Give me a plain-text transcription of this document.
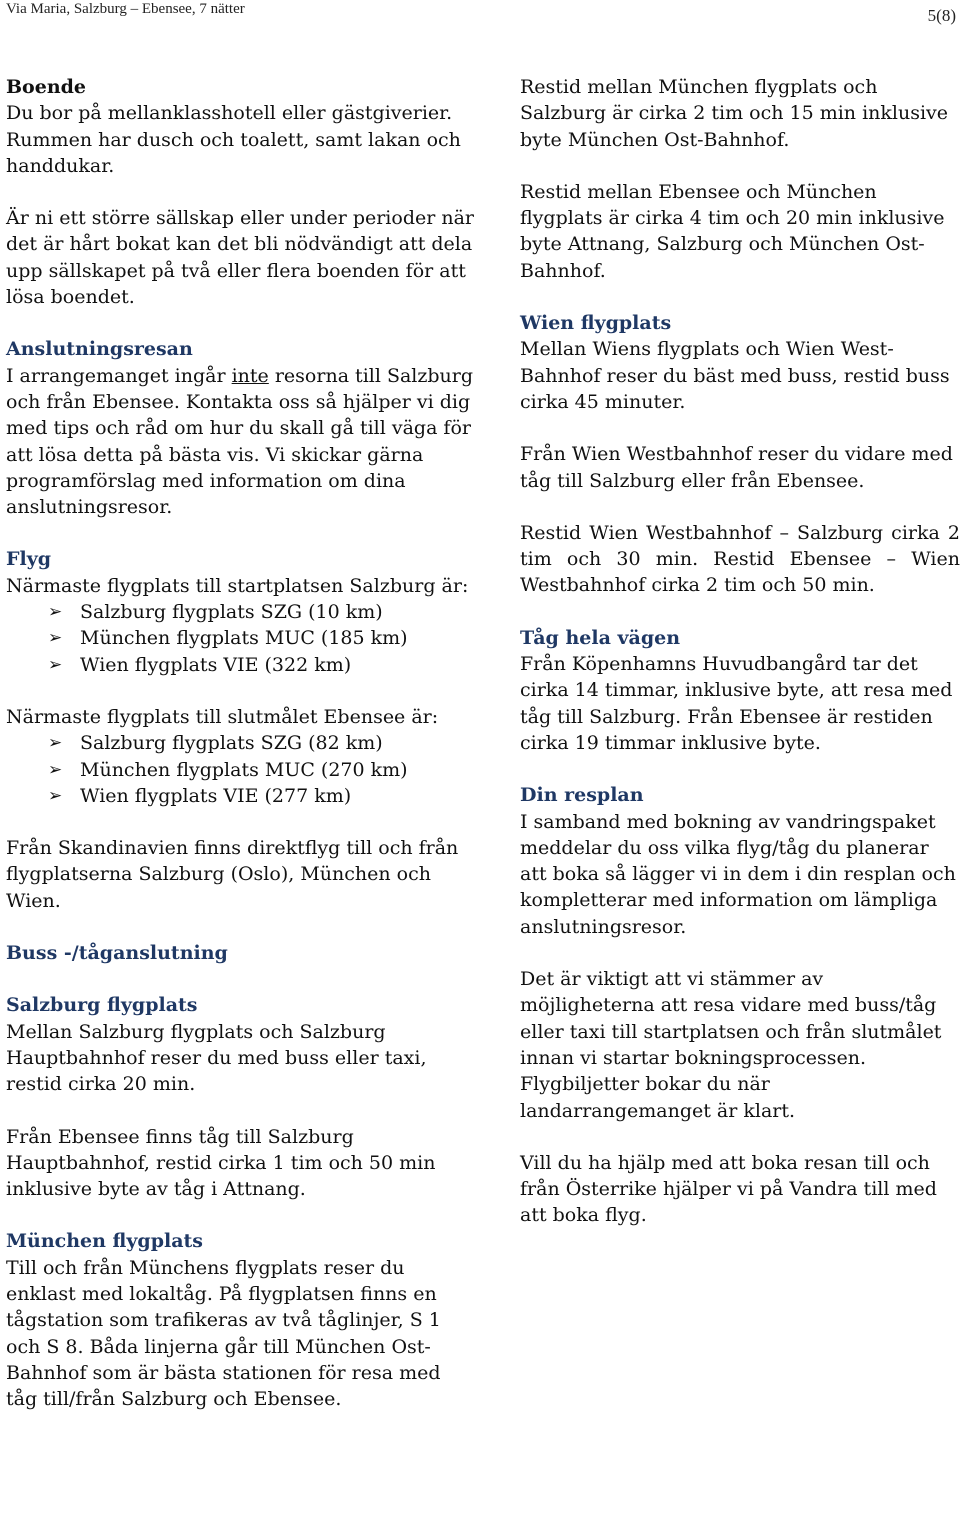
Via Maria, Salzburg – Ebensee, 7 nätter	5(8)
Boende

Du bor på mellanklasshotell eller gästgiverier. Rummen har dusch och toalett, samt lakan och handdukar.

Är ni ett större sällskap eller under perioder när det är hårt bokat kan det bli nödvändigt att dela upp sällskapet på två eller flera boenden för att lösa boendet.

Anslutningsresan

I arrangemanget ingår inte resorna till Salzburg och från Ebensee. Kontakta oss så hjälper vi dig med tips och råd om hur du skall gå till väga för att lösa detta på bästa vis. Vi skickar gärna programförslag med information om dina anslutningsresor.

Flyg

Närmaste flygplats till startplatsen Salzburg är:

➢ Salzburg flygplats SZG (10 km)
➢ München flygplats MUC (185 km)
➢ Wien flygplats VIE (322 km)

Närmaste flygplats till slutmålet Ebensee är:

➢ Salzburg flygplats SZG (82 km)
➢ München flygplats MUC (270 km)
➢ Wien flygplats VIE (277 km)

Från Skandinavien finns direktflyg till och från flygplatserna Salzburg (Oslo), München och Wien.

Buss -/tåganslutning
Salzburg flygplats

Mellan Salzburg flygplats och Salzburg Hauptbahnhof reser du med buss eller taxi, restid cirka 20 min.

Från Ebensee finns tåg till Salzburg Hauptbahnhof, restid cirka 1 tim och 50 min inklusive byte av tåg i Attnang.

München flygplats

Till och från Münchens flygplats reser du enklast med lokaltåg. På flygplatsen finns en tågstation som trafikeras av två tåglinjer, S 1 och S 8. Båda linjerna går till München Ost-Bahnhof som är bästa stationen för resa med tåg till/från Salzburg och Ebensee.

Restid mellan München flygplats och Salzburg är cirka 2 tim och 15 min inklusive byte München Ost-Bahnhof.

Restid mellan Ebensee och München flygplats är cirka 4 tim och 20 min inklusive byte Attnang, Salzburg och München Ost-Bahnhof.

Wien flygplats

Mellan Wiens flygplats och Wien West-Bahnhof reser du bäst med buss, restid buss cirka 45 minuter.

Från Wien Westbahnhof reser du vidare med tåg till Salzburg eller från Ebensee.

Restid Wien Westbahnhof – Salzburg cirka 2 tim och 30 min. Restid Ebensee – Wien Westbahnhof cirka 2 tim och 50 min.

Tåg hela vägen

Från Köpenhamns Huvudbangård tar det cirka 14 timmar, inklusive byte, att resa med tåg till Salzburg. Från Ebensee är restiden cirka 19 timmar inklusive byte.

Din resplan

I samband med bokning av vandringspaket meddelar du oss vilka flyg/tåg du planerar att boka så lägger vi in dem i din resplan och kompletterar med information om lämpliga anslutningsresor.

Det är viktigt att vi stämmer av möjligheterna att resa vidare med buss/tåg eller taxi till startplatsen och från slutmålet innan vi startar bokningsprocessen. Flygbiljetter bokar du när landarrangemanget är klart.

Vill du ha hjälp med att boka resan till och från Österrike hjälper vi på Vandra till med att boka flyg.
